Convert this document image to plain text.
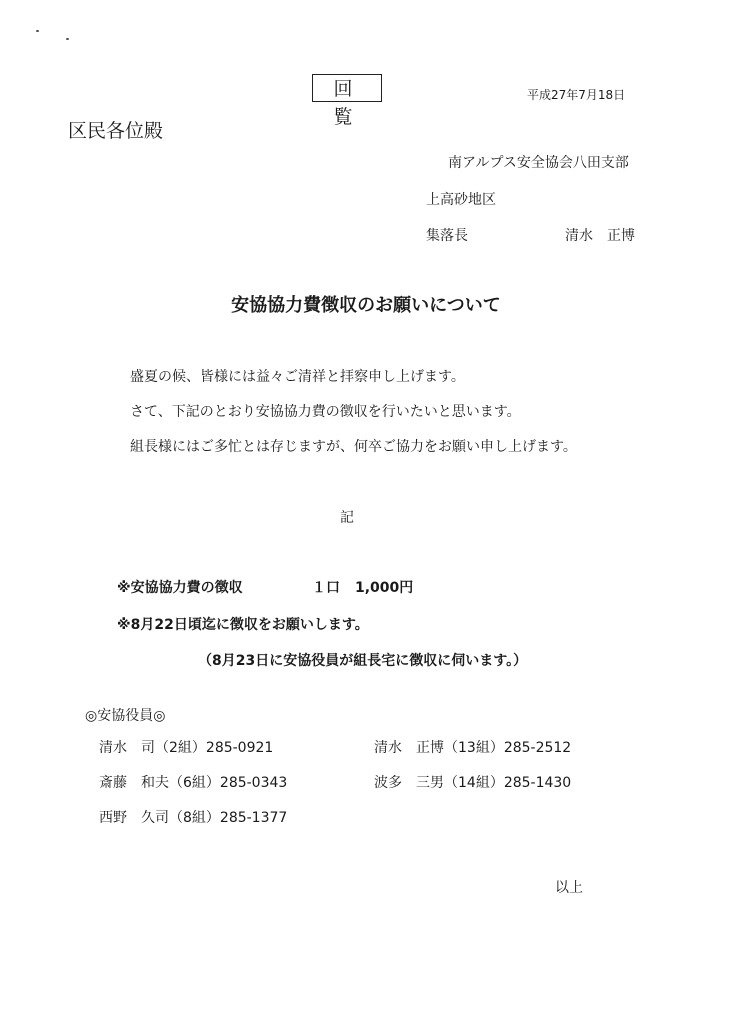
回覧
平成27年7月18日
区民各位殿
南アルプス安全協会八田支部
上高砂地区
集落長	清水　正博
安協協力費徴収のお願いについて
盛夏の候、皆様には益々ご清祥と拝察申し上げます。
さて、下記のとおり安協協力費の徴収を行いたいと思います。
組長様にはご多忙とは存じますが、何卒ご協力をお願い申し上げます。
記
※安協協力費の徴収	１口 1,000円
※8月22日頃迄に徴収をお願いします。
（8月23日に安協役員が組長宅に徴収に伺います。）
◎安協役員◎
清水　司（2組）285-0921	清水　正博（13組）285-2512
斎藤　和夫（6組）285-0343	波多　三男（14組）285-1430
西野　久司（8組）285-1377
以上
